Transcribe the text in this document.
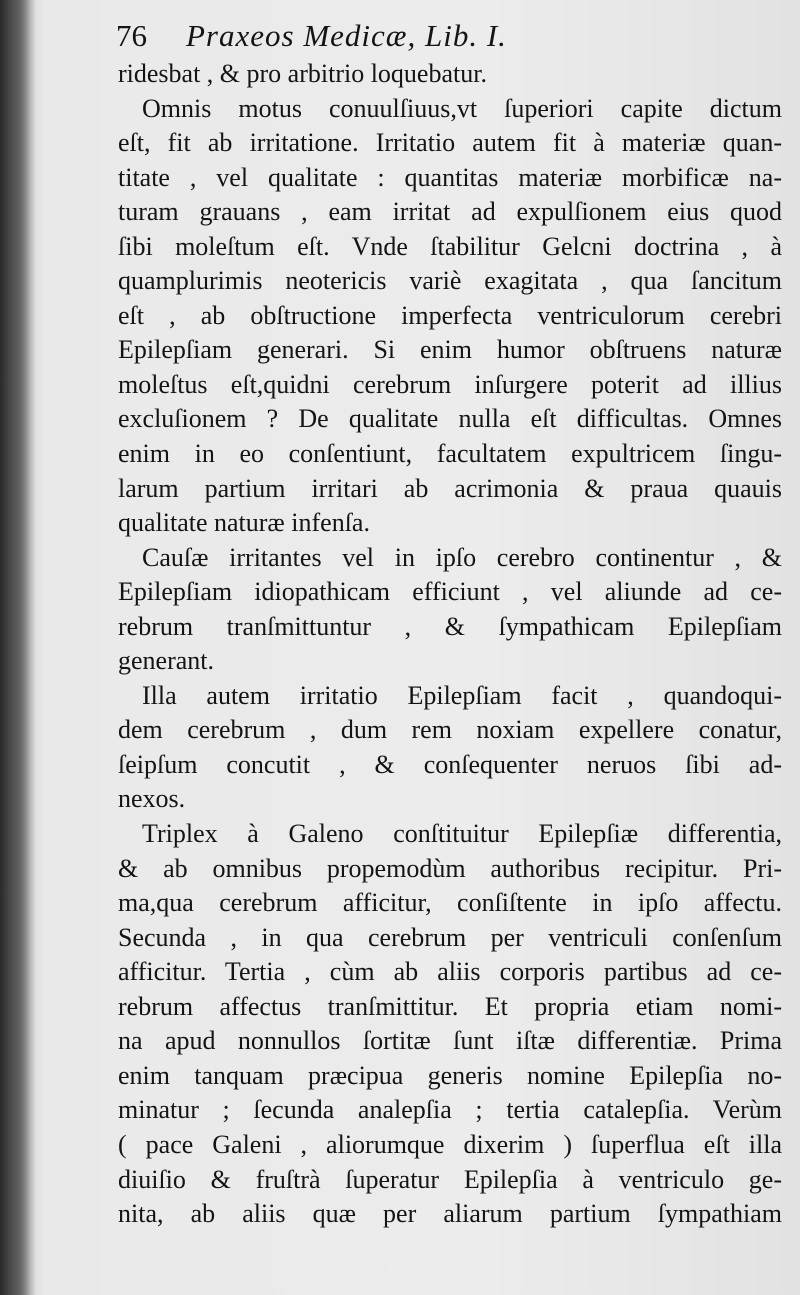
76 Praxeos Medicæ, Lib. I.
ridesbat , & pro arbitrio loquebatur.
Omnis motus conuulſiuus,vt ſuperiori capite dictum
eſt, fit ab irritatione. Irritatio autem fit à materiæ quan-
titate , vel qualitate : quantitas materiæ morbificæ na-
turam grauans , eam irritat ad expulſionem eius quod
ſibi moleſtum eſt. Vnde ſtabilitur Gelcni doctrina , à
quamplurimis neotericis variè exagitata , qua ſancitum
eſt , ab obſtructione imperfecta ventriculorum cerebri
Epilepſiam generari. Si enim humor obſtruens naturæ
moleſtus eſt,quidni cerebrum inſurgere poterit ad illius
excluſionem ? De qualitate nulla eſt difficultas. Omnes
enim in eo conſentiunt, facultatem expultricem ſingu-
larum partium irritari ab acrimonia & praua quauis
qualitate naturæ infenſa.
Cauſæ irritantes vel in ipſo cerebro continentur , &
Epilepſiam idiopathicam efficiunt , vel aliunde ad ce-
rebrum tranſmittuntur , & ſympathicam Epilepſiam
generant.
Illa autem irritatio Epilepſiam facit , quandoqui-
dem cerebrum , dum rem noxiam expellere conatur,
ſeipſum concutit , & conſequenter neruos ſibi ad-
nexos.
Triplex à Galeno conſtituitur Epilepſiæ differentia,
& ab omnibus propemodùm authoribus recipitur. Pri-
ma,qua cerebrum afficitur, conſiſtente in ipſo affectu.
Secunda , in qua cerebrum per ventriculi conſenſum
afficitur. Tertia , cùm ab aliis corporis partibus ad ce-
rebrum affectus tranſmittitur. Et propria etiam nomi-
na apud nonnullos ſortitæ ſunt iſtæ differentiæ. Prima
enim tanquam præcipua generis nomine Epilepſia no-
minatur ; ſecunda analepſia ; tertia catalepſia. Verùm
( pace Galeni , aliorumque dixerim ) ſuperflua eſt illa
diuiſio & fruſtrà ſuperatur Epilepſia à ventriculo ge-
nita, ab aliis quæ per aliarum partium ſympathiam
